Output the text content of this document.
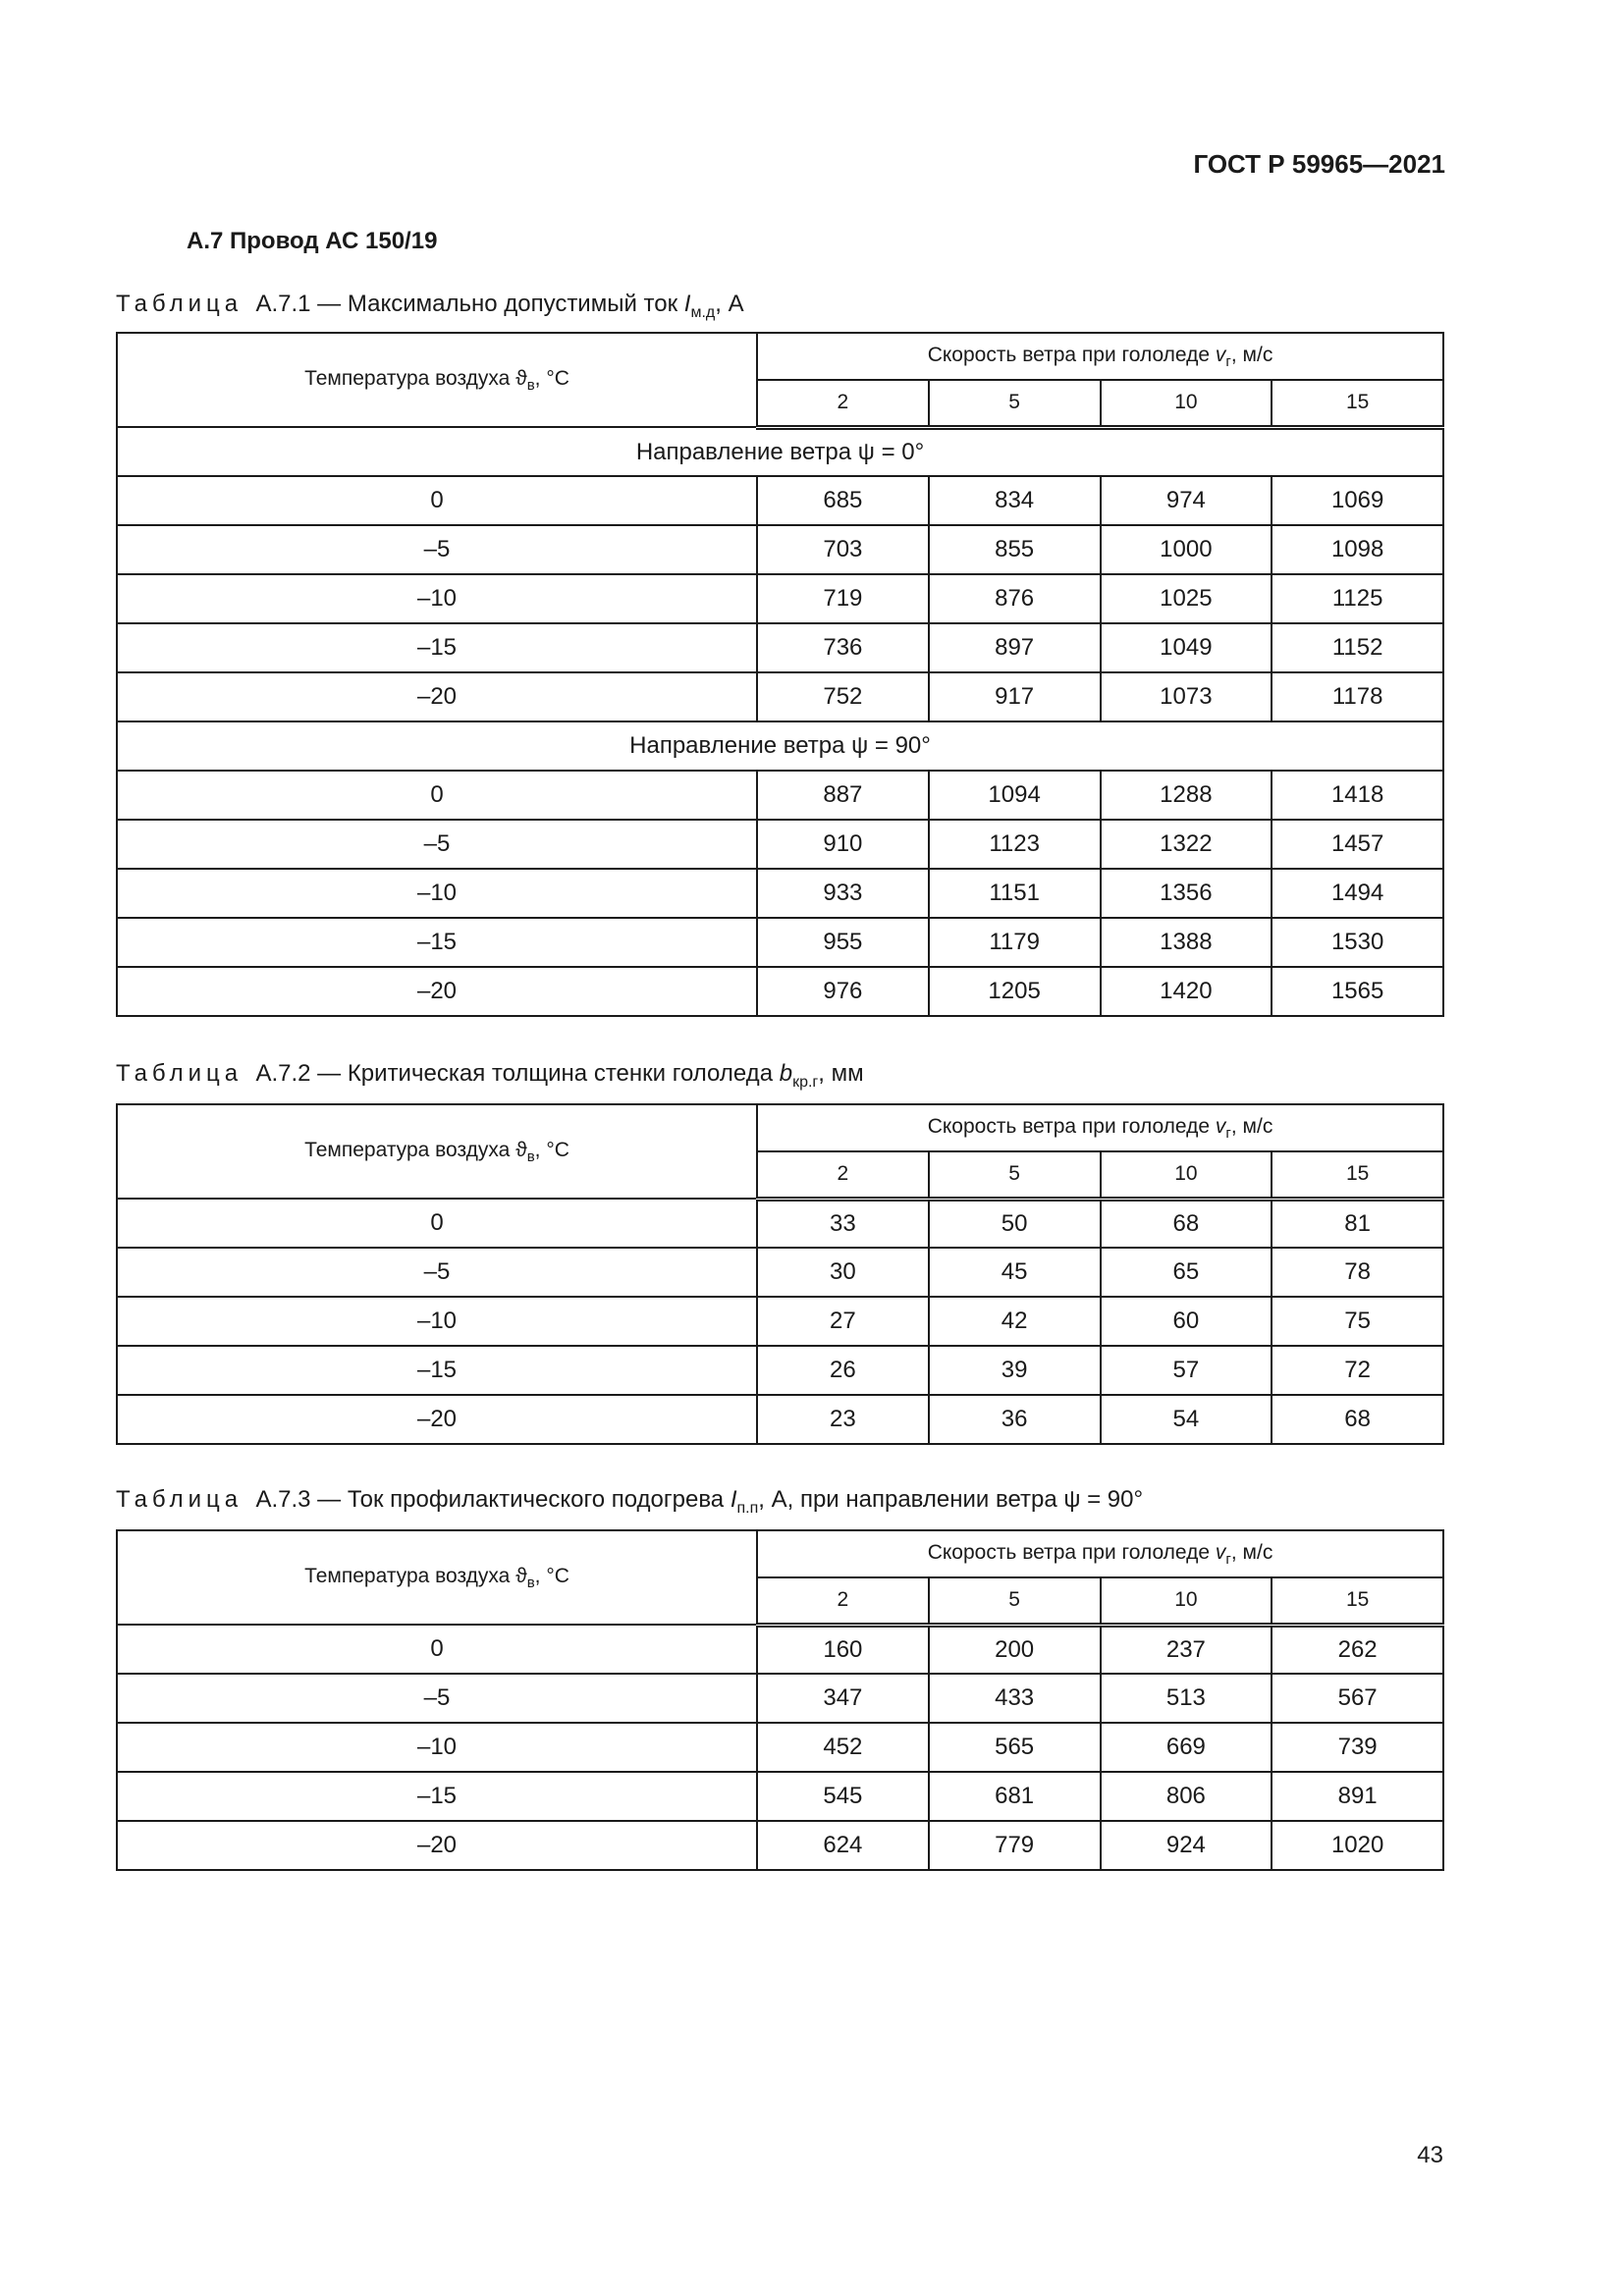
ГОСТ Р 59965—2021
А.7 Провод АС 150/19
Таблица А.7.1 — Максимально допустимый ток $I_{м.д}$, А
Температура воздуха $ϑ_в$, °С	Скорость ветра при гололеде $v_г$, м/с			
	2	5	10	15
Направление ветра ψ = 0°				
0	685	834	974	1069
–5	703	855	1000	1098
–10	719	876	1025	1125
–15	736	897	1049	1152
–20	752	917	1073	1178
Направление ветра ψ = 90°				
0	887	1094	1288	1418
–5	910	1123	1322	1457
–10	933	1151	1356	1494
–15	955	1179	1388	1530
–20	976	1205	1420	1565
Таблица А.7.2 — Критическая толщина стенки гололеда $b_{кр.г}$, мм
Температура воздуха $ϑ_в$, °С	Скорость ветра при гололеде $v_г$, м/с			
	2	5	10	15
0	33	50	68	81
–5	30	45	65	78
–10	27	42	60	75
–15	26	39	57	72
–20	23	36	54	68
Таблица А.7.3 — Ток профилактического подогрева $I_{п.п}$, А, при направлении ветра ψ = 90°
Температура воздуха $ϑ_в$, °С	Скорость ветра при гололеде $v_г$, м/с			
	2	5	10	15
0	160	200	237	262
–5	347	433	513	567
–10	452	565	669	739
–15	545	681	806	891
–20	624	779	924	1020
43
